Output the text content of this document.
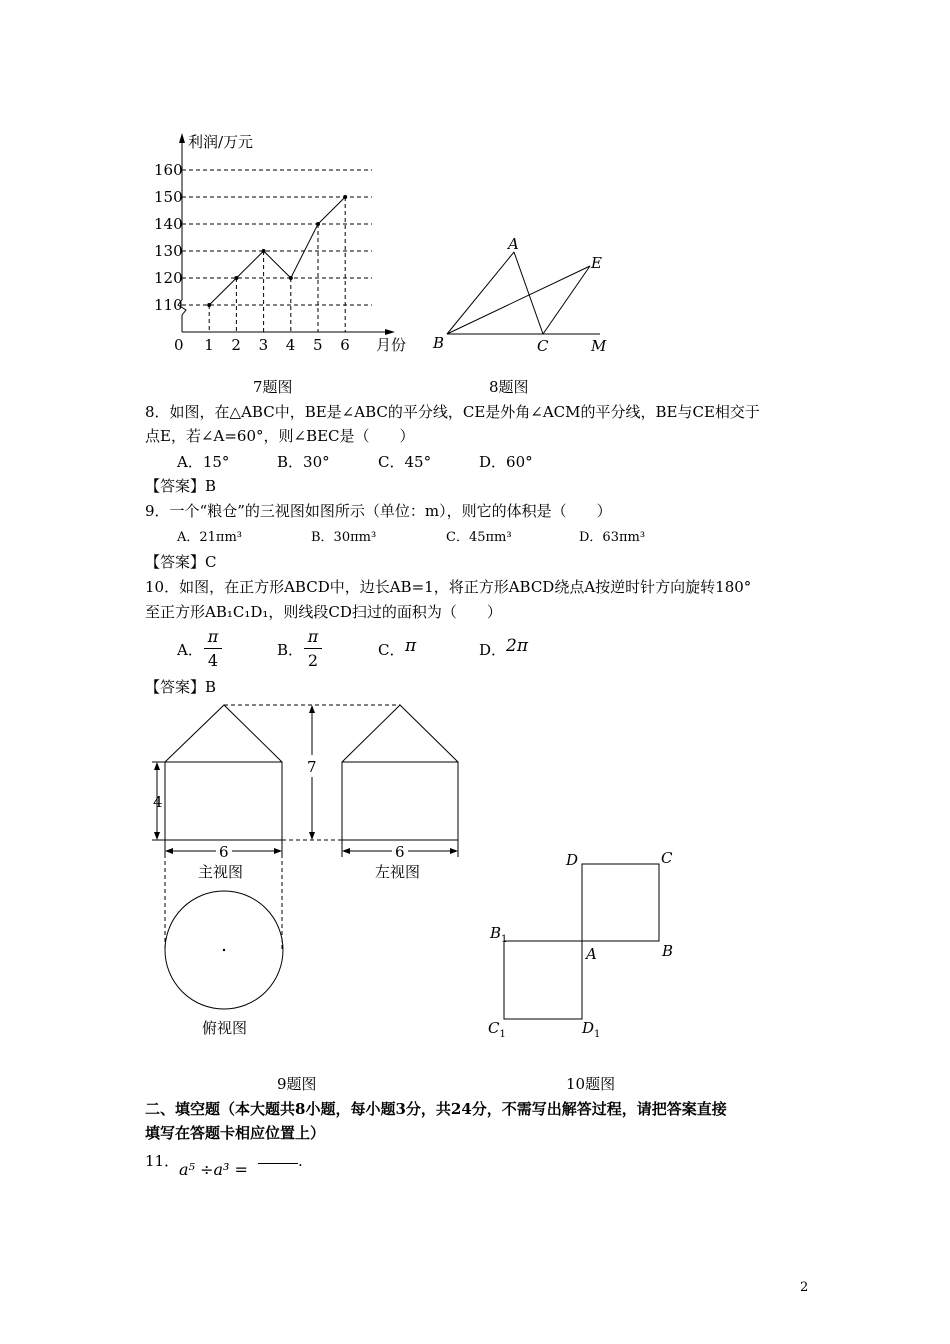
110
120
130
140
150
160
0 1 2 3 4 5 6
利润/万元
月份
A
B	C
E
M
7题图	8题图
8．如图，在△ABC中，BE是∠ABC的平分线，CE是外角∠ACM的平分线，BE与CE相交于
点E，若∠A=60°，则∠BEC是（　　）
A．15°	B．30°	C．45°	D．60°
【答案】B
9．一个“粮仓”的三视图如图所示（单位：m），则它的体积是（　　）
A．21πm³	B．30πm³	C．45πm³	D．63πm³
【答案】C
10．如图，在正方形ABCD中，边长AB=1，将正方形ABCD绕点A按逆时针方向旋转180°
至正方形AB₁C₁D₁，则线段CD扫过的面积为（　　）
A．
π
4
B．
π
2
C． π	D． 2π
【答案】B
4
7
6	6
主视图	左视图
俯视图
D	C
$B_1$
A	B
$C_1$	$D_1$
9题图	10题图
二、填空题（本大题共8小题，每小题3分，共24分，不需写出解答过程，请把答案直接
填写在答题卡相应位置上）
11． a⁵ ÷a³ =	.
2
